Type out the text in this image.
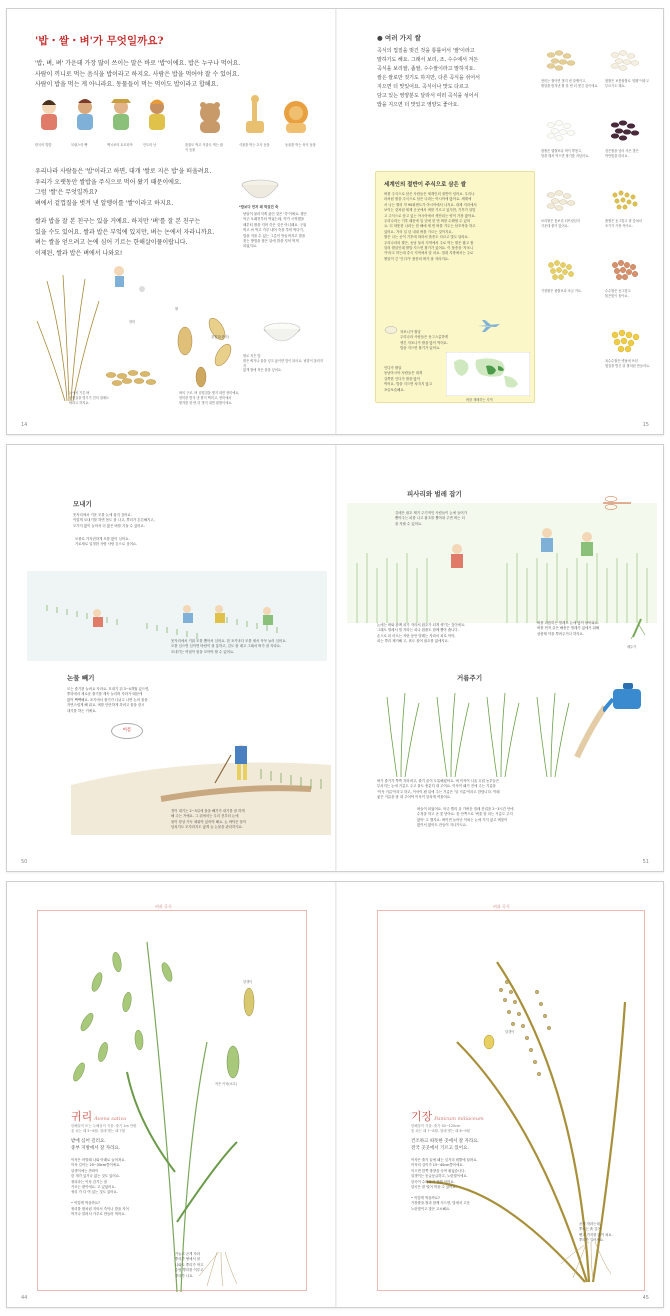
'밥・쌀・벼'가 무엇일까요?
'밥, 벼, 벼' 가운데 가장 많이 쓰이는 말은 바로 '밥'이에요. 밥은 누구나 먹어요.
사람이 끼니로 먹는 음식을 밥이라고 하지요. 사람은 밥을 먹어야 잘 수 있어요.
사람이 밥을 먹는 게 아니라요. 동물들이 먹는 먹이도 밥이라고 합해요.
한국의 밥밥	모링스의 빵	멕시코의 토르티야	인도의 난	풀풀도 먹고 식물도 먹는 잡식 동물
식물을 먹는 초식 동물	동물을 먹는 육식 동물
우리나라 사람들은 '밥'이라고 하면, 대개 '쌀로 지은 밥'을 떠올려요.
우리가 오랫동안 쌀밥을 주식으로 먹어 왔기 때문이에요.
그럼 '쌀'은 무엇일까요?
벼에서 겉껍질을 벗겨 낸 알맹이를 '쌀'이라고 하지요.
쌀과 밥을 잘 본 친구는 있을 거예요. 하지만 '벼'를 잘 본 친구는
있을 수도 있어요. 쌀과 밥은 부엌에 있지만, 벼는 논에서 자라니까요.
벼는 쌀을 얻으려고 논에 심어 기르는 한해살이풀이랍니다.
이제된, 쌀과 밥은 벼에서 나와요!
*밥보다 먼저 왜 먹었던 죽
낟알이 물러지게 끓인 것은 '죽'이에요. 쌀은
아주 오래전부터 먹었는데, 약가 시작했을
때부터 쌀을 지어 죽은 것은 아니래요. 구워
먹고 씨 먹고 가루 내어 죽을 쑤어 먹다가,
밥을 지을 수 있는 그릇이 만들어지고 밥을
짓는 방법을 찾은 뒤에 밥을 지어 먹게
되었지요.
현미
쌀
겉껍질(왕겨)
쌀로 지은 밥
쌀은 찌거나 물을 넣고 끓이면 밥이 되어요. 낱말이 물러지지
않게 쌀에 적은 물을 넣어요.
논에서 기른 벼
겉껍질을 벗기기 전의 열매도
벼라고 하지요.
벼의 구조. 벼 겉껍질을 벗겨 내면 현미예요,
현미를 벗겨 낸 쌀이 백미고, 현미에서
쌀겨를 한 번 더 벗겨 내면 흰쌀이에요.
14
● 여러 가지 쌀
곡식의 껍질을 벗긴 것을 통틀어서 '쌀'이라고
말하기도 해요. 그래서 보리, 조, 수수에서 겨든
곡식을 보리쌀, 좁쌀, 수수쌀이라고 말하지요.
쌀은 쌀로만 짓기도 하지만, 다른 곡식을 섞어서
지으면 더 맛있어요. 곡식이나 맛도 다르고
담고 있는 영양분도 달라서 여러 곡식을 섞어서
밥을 지으면 더 맛있고 영양도 좋아요.
세계인의 절반이 주식으로 삼은 쌀
벼를 주식으로 삼은 사람들은 세계인의 절반이 넘어요. 우리나
라처럼 쌀을 주식으로 삼은 나라는 아시아에 많아요. 세계에
서 나는 쌀의 약 90퍼센트가 아시아에서 나지요. 대체 지리에서
보이는 것처럼 세계 곳곳에서 벼를 기르고 있지만, 기후가 알맞
고 주식으로 삼고 있는 아시아에서 생산되는 양이 가장 많아요.
우리나라는 기후 때문에 일 년에 한 번 벼를 수확할 수 있어
요. 더 따뜻한 나라는 한 해에 세 번 벼를 거두는 삼모작을 하고
있어요. 거의 일 년 내내 벼를 기르는 것이지요.
쌀은 나는 곳이 기후에 따라서 품종도 다르고 맛도 달라요.
우리나라의 쌀은, 동남 둘의 지역에서 주로 먹는 쌀은 짧고 찰
알의 쌀알인데 쌀밥 지으면 찰기가 있어요. 이 품종을 '자포니
카'라고 하는데 중국 지역에서 알 차요. 열대 지방에서는 주로
쌀알이 긴 '인디카' 품종의 벼가 잘 자라지요.
자포니카 쌀알
우리나라 사람들은 동그스름하게
생긴 자포니카 쌀을 많이 먹어요.
밥을 지으면 찰기가 있어요.
인디카 쌀알
동남아시아 사람들은 대개
길쭉한 인디카 쌀을 많이
먹어요. 밥을 지으면 차지지 않고
포슬포슬해요.
벼를 재배하는 지역
현미는 쌀이면 벗겨 낸 알맹이고,
쌀알을 벗겨낸 쌀 한 번 더 벗긴 것이에요.
찹쌀은 보통찹쌀로 '멥쌀'이라고
부르기도 해요.
찹쌀은 멥쌀보다 색이 뿌옇고,
밥을 해서 먹으면 찰기를 지녔어요.
검은쌀을 넣어 지은 밥은
까만빛을 띠어요.
보리쌀은 통보리 터뜨렸던지
가운데 줄이 있어요.
좁쌀은 동그랗고 잘 뭉쳐서
조기가 가장 작아요.
기장쌀은 좁쌀보다 조금 커요.	수수쌀은 동그랗고
붉은빛이 돌아요.
옥수수쌀은 옛날에 쓰던
껍질을 벗긴 뒤 쌀처럼 만들어요.
15
모내기
못자리에서 키운 모를 논에 옮겨 심어요.
이렇게 모내기를 하면 몸도 잘 나고, 뿌리가 튼튼해지고,
모가지 많이 늘어서 더 많은 벼를 거둘 수 있어요.
모줄로 가지런하게 모를 많이 심어요.
가로세로 일정한 사람 사람 손으로 심어요.
못자리에서 키워 모를 뽑아서 심어요. 한 포기마다 모를 세서 꼭꼭 눌러 심어요.
모를 심으면 심이면 바람이 잘 통하고, 김도 잘 매고 그래서 벼가 잘 자라요.
모내기는 여럿이 힘을 모아야 할 수 있어요.
논물 빼기
모는 줄기를 늘려요 자라요. 모내기 뒤 3~4개월 있으면,
뿌리에서 새로운 줄기를 계속 늘리며 자라가 때문에
많이 빽빽해요. 포기에서 줄기가 나뉘고 나면 논의 물을
자연스럽게 빼 줘요. 벼를 단단하게 하려고 물을 잠시
대기를 하는 거예요.
여름
경이 대기는 2~3일에 물을 빼기가 대기를 잘 하게
해 주는 거예요. 그 뒤에서는 우리 전부터 논에
물이 항상 가득 채워야 있어야 해요. 논 바닥은 물이
넘치지도 모자라지도 않게 늘 논물을 관리하지요.
50
피사리와 벌레 잡기
김매은 잡초 제거 주기적인 사람들이 논에 들어가
뽑아주는 피를 나고 잡초를 뽑아내 주면 벼는 더
잘 자랄 수 있어요.
논에는 벼와 함께 피가 자라서 잡초가 되게 생기는 것이에요.
그래도 벌레서 벌 자라는 피나 잡풀도 함께 뽑아 줍니다.
손으로 피 마르는 자란 동안 벌레는 자라서 피로 막아,
피는 뿌리 제거해 고, 흙도 물어 잡초를 없애지요.
벼를 괴롭히는 벌레도 논에 많이 날아와요.
벼를 먼저 갉은 해충은 벌레가 없애기 위해
살충제 약을 뿌려주거나 하지요.
메뚜기
거름주기
벼가 줄기가 쭉쭉 자라려고, 줄기 끝이 도톰해졌어요. 벼 이삭이 나올 무렵 농부들은
부서지는 논에 거름도 주고 물도 충분히 대 주어요. 이삭이 패기 전에 주는 거름을
'이삭 거름'이라고 하고, 이삭이 팬 뒤에 주는 거름은 '알 거름'이라고 한답니다. 이때
좋은 거름을 잘 대 주어야 이삭이 알차게 여물어요.
벼들이 피었어요. 아주 빨리 올 가벼운 열매 잔업을 2~3시간 안에
수정을 하고 곧 꽃 닫아요. 꽃 안쪽으로 '벼꽃 잘 피는 거름도 주지
않아' 고 했지요. 벼이면 늘어난 이외는 논에 가지 않고 벼꽃이
많이서 많아도 잔들이 지나가도요.
51
벼과 곡식
알갱이
작은 이삭(소수)
귀리 Avena sativa
한해살이 또는 두해살이 식물. 줄기 1m 안팎
꽃 피는 때 5~6월. 열매 맺는 때 7월
밭에 심어 길러요.
중부 지방에서 잘 자라요.
이삭은 어릴때 나와 아래로 늘어져요.
이삭 길이는 20~30cm쯤이에요.
알갱이에는 까락이
한 개가 있거나 없는 것도 있어요.
귀리라는 이삭 감기는 잘
기르는 편이에요. 고 있었어요.
귀리 가 다 여 있는 것도 있어요.

• 이렇게 먹을까요?
귀리를 쌀처럼 지어서 죽이나 밥을 지어
먹거나 말려서 가루로 만들어 먹어요.
가늘고 곧게 자라
뿌리가 땅에서 잘
나와도 뿌리가 작고
수염 뿌리를 이루고
뿌리가 나요.
44
벼과 곡식
알갱이
기장 Panicum miliaceum
한해살이 식물. 줄기 50~120cm
꽃 피는 때 7~8월. 열매 맺는 때 8~9월
건조하고 따뜻한 곳에서 잘 자라요.
전국 곳곳에서 기르고 있어요.
이삭은 줄기 끝에 패는 잎거리 원뿔에 달려요.
이삭의 길이가 15~40cm쯤이에요.
익으면 한쪽 방향을 숙여 휘었습니다.
알갱이는 동글동글하고, 노란빛이에요.
알곡이 수확하기 전엔 익어요.
알곡은 잘 털어 먹을 수 있어요.

• 이렇게 먹을까요?
기장쌀을 쌀과 함께 지으면, 밥에서 고운
노란빛이고 맛은 고소해요.
곧게 자라는데,
뿌리는 흙 깊이
뻗고 가지를 많이 쳐요.
뿌리가 길어져요.
45
